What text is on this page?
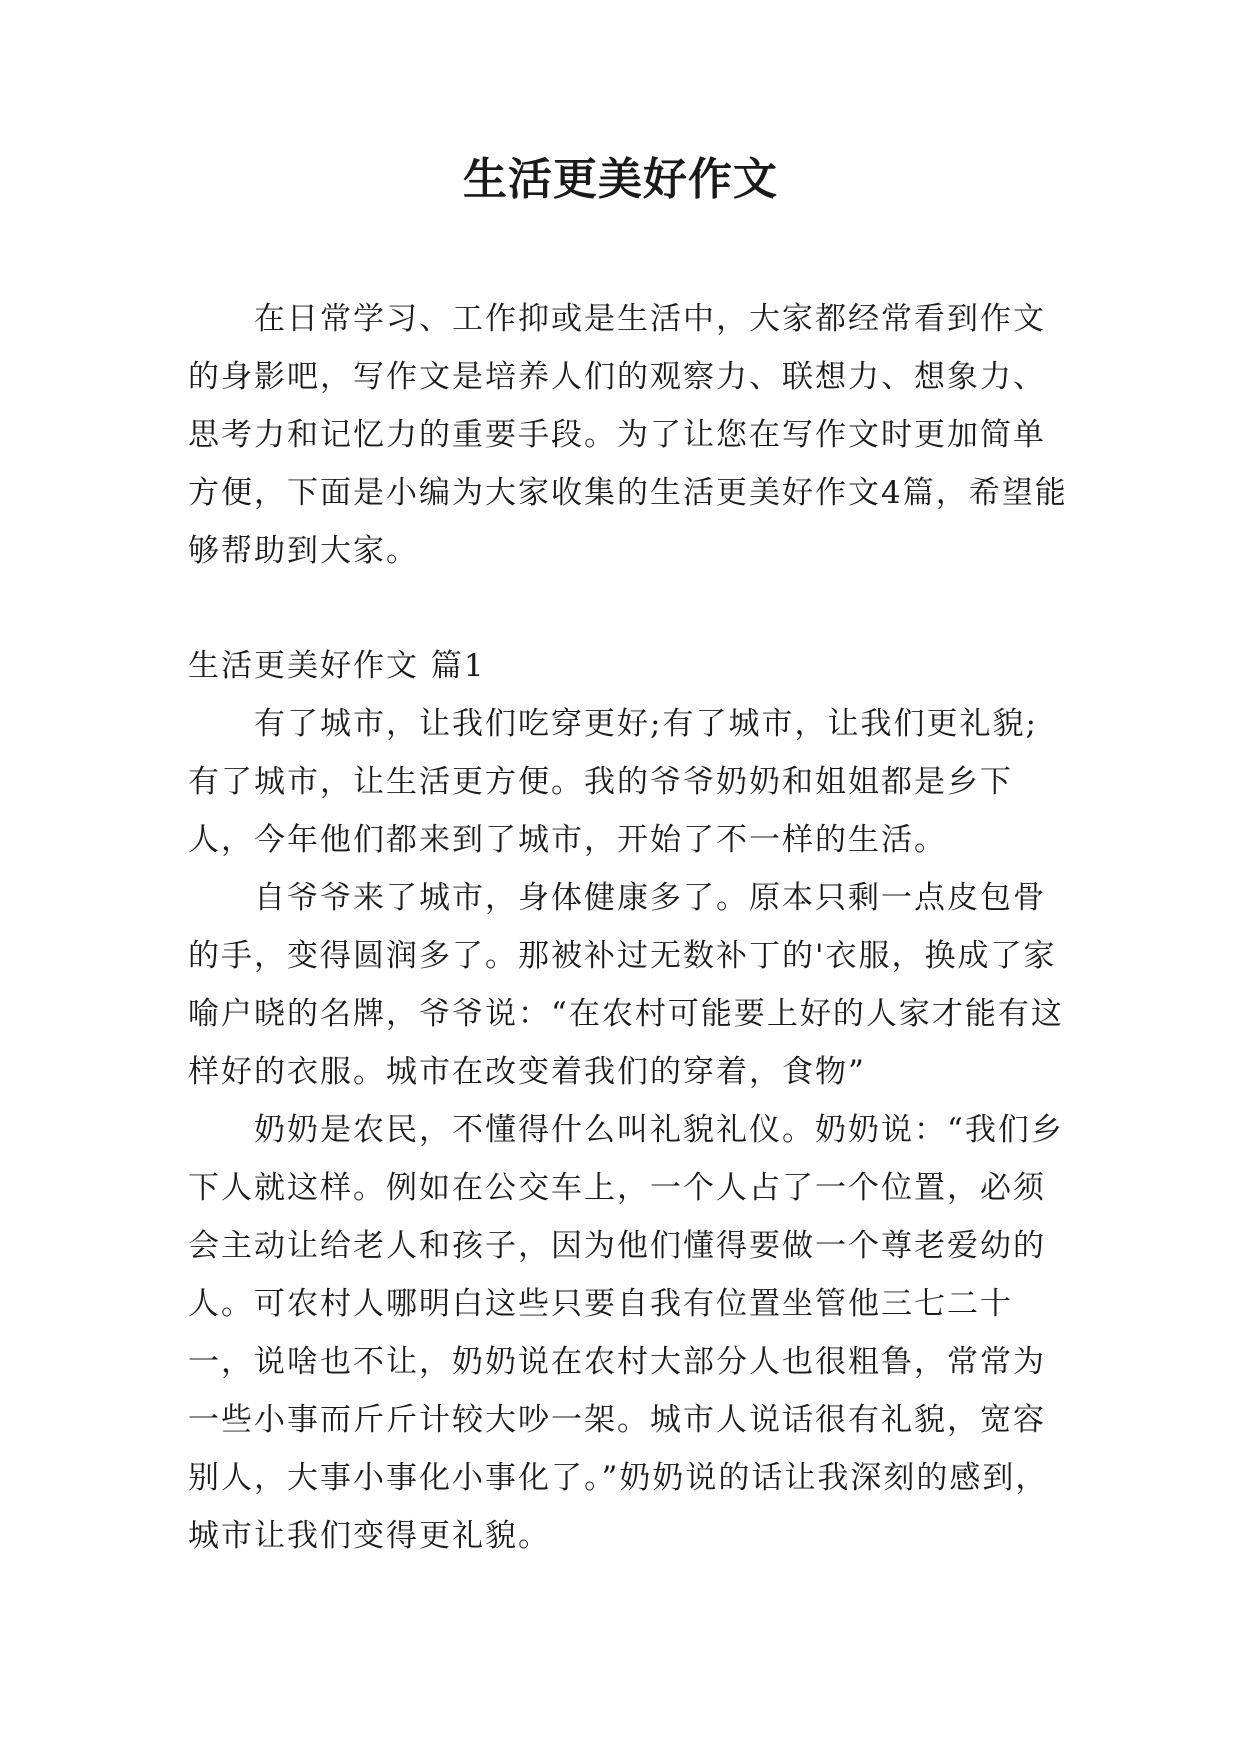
生活更美好作文

在日常学习、工作抑或是生活中，大家都经常看到作文的身影吧，写作文是培养人们的观察力、联想力、想象力、思考力和记忆力的重要手段。为了让您在写作文时更加简单方便，下面是小编为大家收集的生活更美好作文4篇，希望能够帮助到大家。

生活更美好作文 篇1

有了城市，让我们吃穿更好;有了城市，让我们更礼貌;有了城市，让生活更方便。我的爷爷奶奶和姐姐都是乡下人，今年他们都来到了城市，开始了不一样的生活。

自爷爷来了城市，身体健康多了。原本只剩一点皮包骨的手，变得圆润多了。那被补过无数补丁的'衣服，换成了家喻户晓的名牌，爷爷说：“在农村可能要上好的人家才能有这样好的衣服。城市在改变着我们的穿着，食物”

奶奶是农民，不懂得什么叫礼貌礼仪。奶奶说：“我们乡下人就这样。例如在公交车上，一个人占了一个位置，必须会主动让给老人和孩子，因为他们懂得要做一个尊老爱幼的人。可农村人哪明白这些只要自我有位置坐管他三七二十一，说啥也不让，奶奶说在农村大部分人也很粗鲁，常常为一些小事而斤斤计较大吵一架。城市人说话很有礼貌，宽容别人，大事小事化小事化了。”奶奶说的话让我深刻的感到，城市让我们变得更礼貌。
